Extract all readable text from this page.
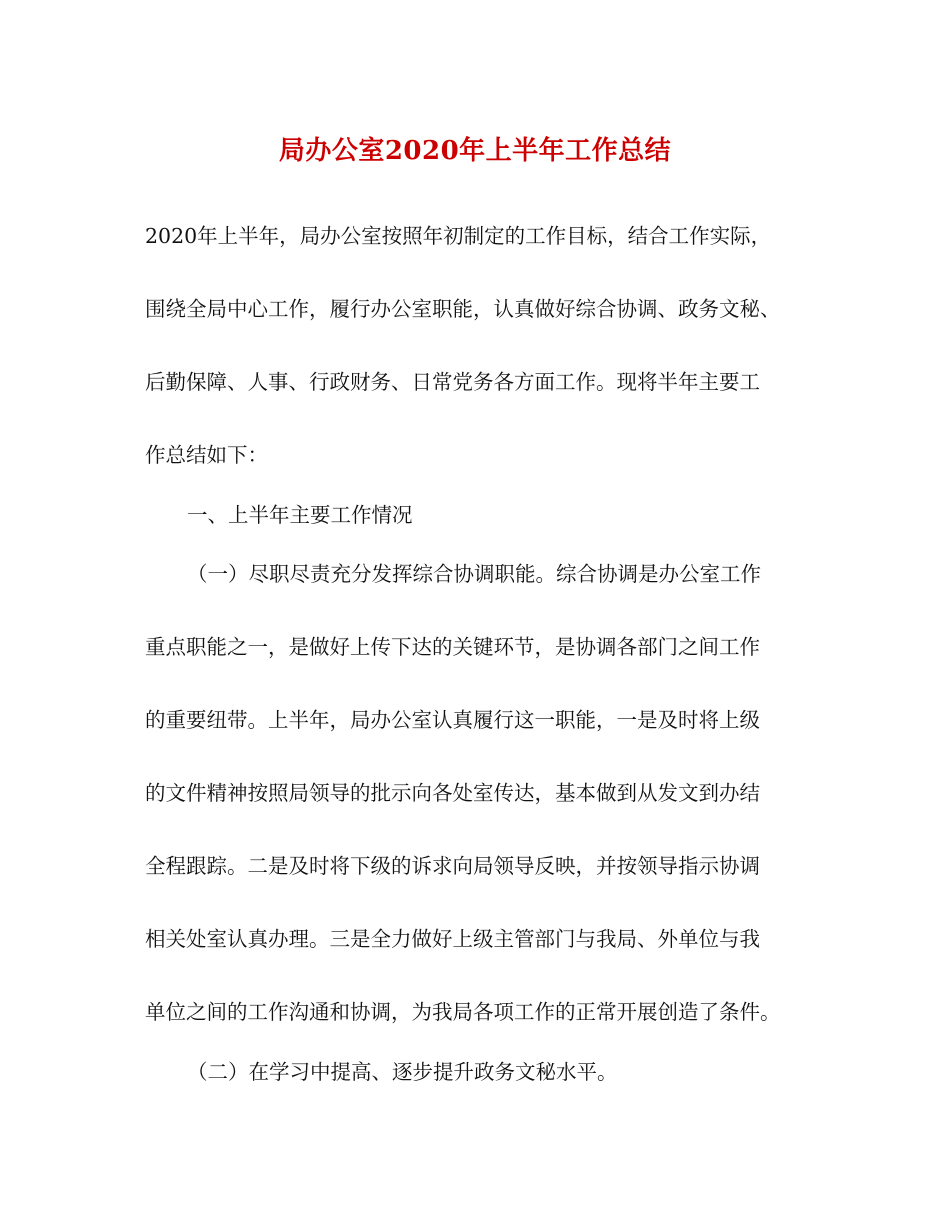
局办公室2020年上半年工作总结

2020年上半年，局办公室按照年初制定的工作目标，结合工作实际，

围绕全局中心工作，履行办公室职能，认真做好综合协调、政务文秘、

后勤保障、人事、行政财务、日常党务各方面工作。现将半年主要工

作总结如下：

一、上半年主要工作情况

（一）尽职尽责充分发挥综合协调职能。综合协调是办公室工作

重点职能之一，是做好上传下达的关键环节，是协调各部门之间工作

的重要纽带。上半年，局办公室认真履行这一职能，一是及时将上级

的文件精神按照局领导的批示向各处室传达，基本做到从发文到办结

全程跟踪。二是及时将下级的诉求向局领导反映，并按领导指示协调

相关处室认真办理。三是全力做好上级主管部门与我局、外单位与我

单位之间的工作沟通和协调，为我局各项工作的正常开展创造了条件。

（二）在学习中提高、逐步提升政务文秘水平。
